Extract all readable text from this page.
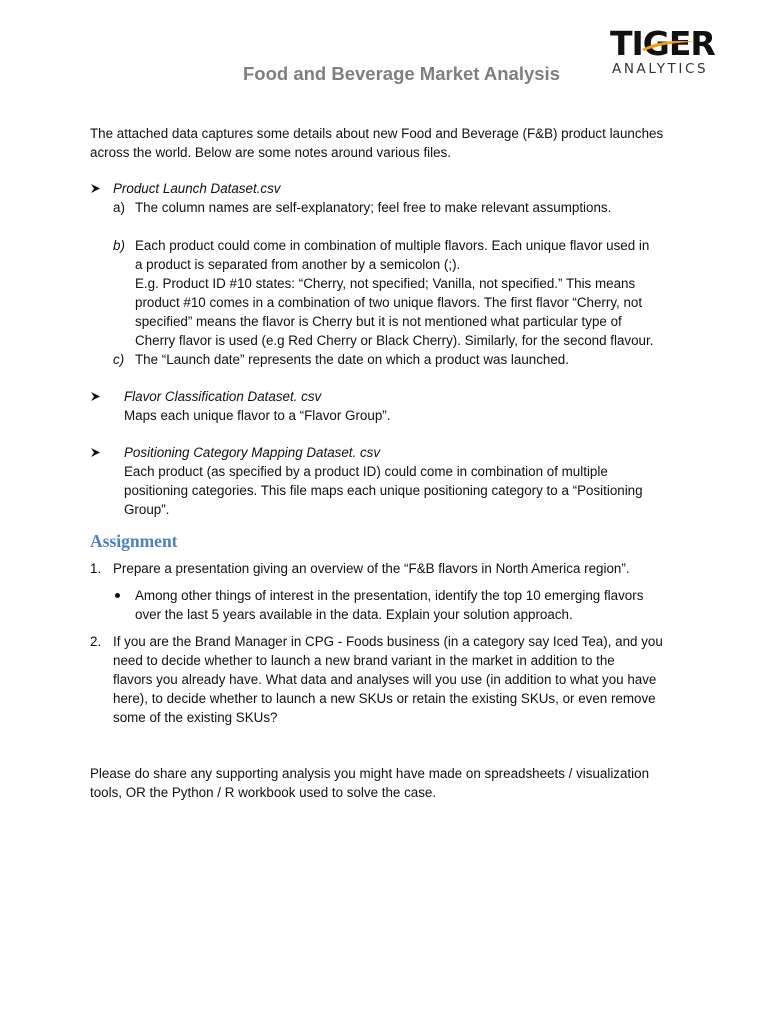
TIGER
ANALYTICS
Food and Beverage Market Analysis

The attached data captures some details about new Food and Beverage (F&B) product launches

across the world. Below are some notes around various files.

Product Launch Dataset.csv
a) The column names are self-explanatory; feel free to make relevant assumptions.
b) Each product could come in combination of multiple flavors. Each unique flavor used in
a product is separated from another by a semicolon (;).
E.g. Product ID #10 states: “Cherry, not specified; Vanilla, not specified.” This means
product #10 comes in a combination of two unique flavors. The first flavor “Cherry, not
specified” means the flavor is Cherry but it is not mentioned what particular type of
Cherry flavor is used (e.g Red Cherry or Black Cherry). Similarly, for the second flavour.
c) The “Launch date” represents the date on which a product was launched.
Flavor Classification Dataset. csv
Maps each unique flavor to a “Flavor Group”.
Positioning Category Mapping Dataset. csv
Each product (as specified by a product ID) could come in combination of multiple
positioning categories. This file maps each unique positioning category to a “Positioning
Group”.
Assignment
1. Prepare a presentation giving an overview of the “F&B flavors in North America region”.
Among other things of interest in the presentation, identify the top 10 emerging flavors
over the last 5 years available in the data. Explain your solution approach.
2. If you are the Brand Manager in CPG - Foods business (in a category say Iced Tea), and you
need to decide whether to launch a new brand variant in the market in addition to the
flavors you already have. What data and analyses will you use (in addition to what you have
here), to decide whether to launch a new SKUs or retain the existing SKUs, or even remove
some of the existing SKUs?
Please do share any supporting analysis you might have made on spreadsheets / visualization
tools, OR the Python / R workbook used to solve the case.
